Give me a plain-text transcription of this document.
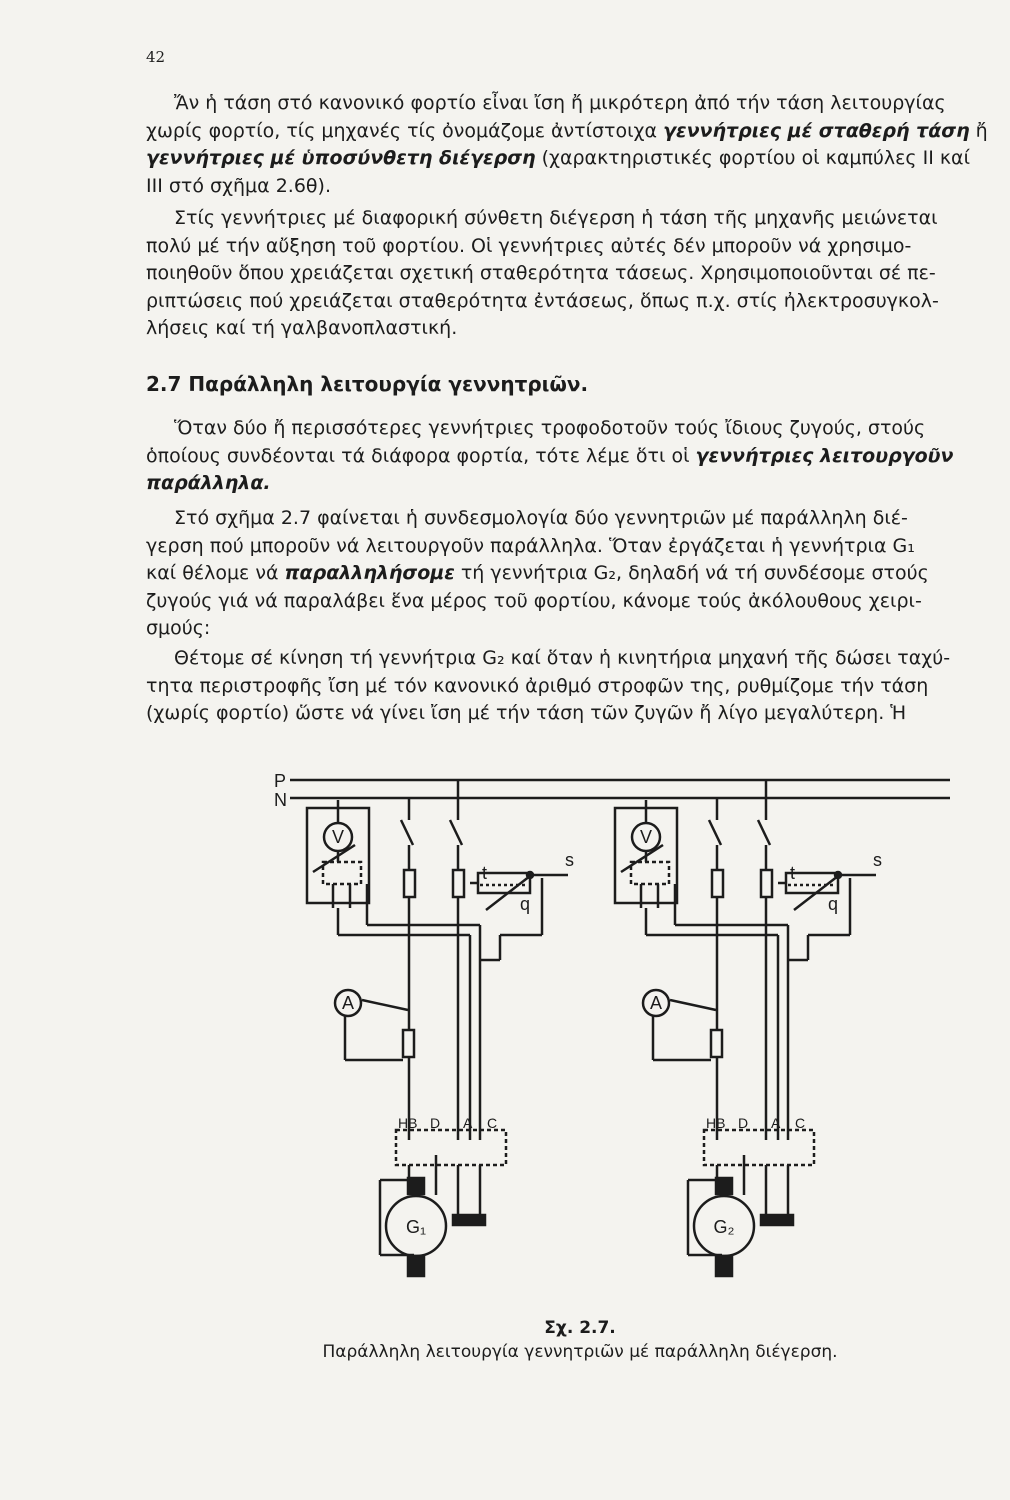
42
Ἄν ἡ τάση στό κανονικό φορτίο εἶναι ἴση ἤ μικρότερη ἀπό τήν τάση λειτουργίας
χωρίς φορτίο, τίς μηχανές τίς ὀνομάζομε ἀντίστοιχα γεννήτριες μέ σταθερή τάση ἤ
γεννήτριες μέ ὑποσύνθετη διέγερση (χαρακτηριστικές φορτίου οἱ καμπύλες II καί
III στό σχῆμα 2.6θ).
Στίς γεννήτριες μέ διαφορική σύνθετη διέγερση ἡ τάση τῆς μηχανῆς μειώνεται
πολύ μέ τήν αὔξηση τοῦ φορτίου. Οἱ γεννήτριες αὐτές δέν μποροῦν νά χρησιμο-
ποιηθοῦν ὅπου χρειάζεται σχετική σταθερότητα τάσεως. Χρησιμοποιοῦνται σέ πε-
ριπτώσεις πού χρειάζεται σταθερότητα ἐντάσεως, ὅπως π.χ. στίς ἠλεκτροσυγκολ-
λήσεις καί τή γαλβανοπλαστική.
2.7 Παράλληλη λειτουργία γεννητριῶν.
Ὅταν δύο ἤ περισσότερες γεννήτριες τροφοδοτοῦν τούς ἴδιους ζυγούς, στούς
ὁποίους συνδέονται τά διάφορα φορτία, τότε λέμε ὅτι οἱ γεννήτριες λειτουργοῦν
παράλληλα.
Στό σχῆμα 2.7 φαίνεται ἡ συνδεσμολογία δύο γεννητριῶν μέ παράλληλη διέ-
γερση πού μποροῦν νά λειτουργοῦν παράλληλα. Ὅταν ἐργάζεται ἡ γεννήτρια G₁
καί θέλομε νά παραλληλήσομε τή γεννήτρια G₂, δηλαδή νά τή συνδέσομε στούς
ζυγούς γιά νά παραλάβει ἕνα μέρος τοῦ φορτίου, κάνομε τούς ἀκόλουθους χειρι-
σμούς:
Θέτομε σέ κίνηση τή γεννήτρια G₂ καί ὅταν ἡ κινητήρια μηχανή τῆς δώσει ταχύ-
τητα περιστροφῆς ἴση μέ τόν κανονικό ἀριθμό στροφῶν της, ρυθμίζομε τήν τάση
(χωρίς φορτίο) ὥστε νά γίνει ἴση μέ τήν τάση τῶν ζυγῶν ἤ λίγο μεγαλύτερη. Ἡ
P
N
V
A
t
q
s
HB D A C
G₁
V
A
t
q
s
HB D A C
G₂
Σχ. 2.7.
Παράλληλη λειτουργία γεννητριῶν μέ παράλληλη διέγερση.
